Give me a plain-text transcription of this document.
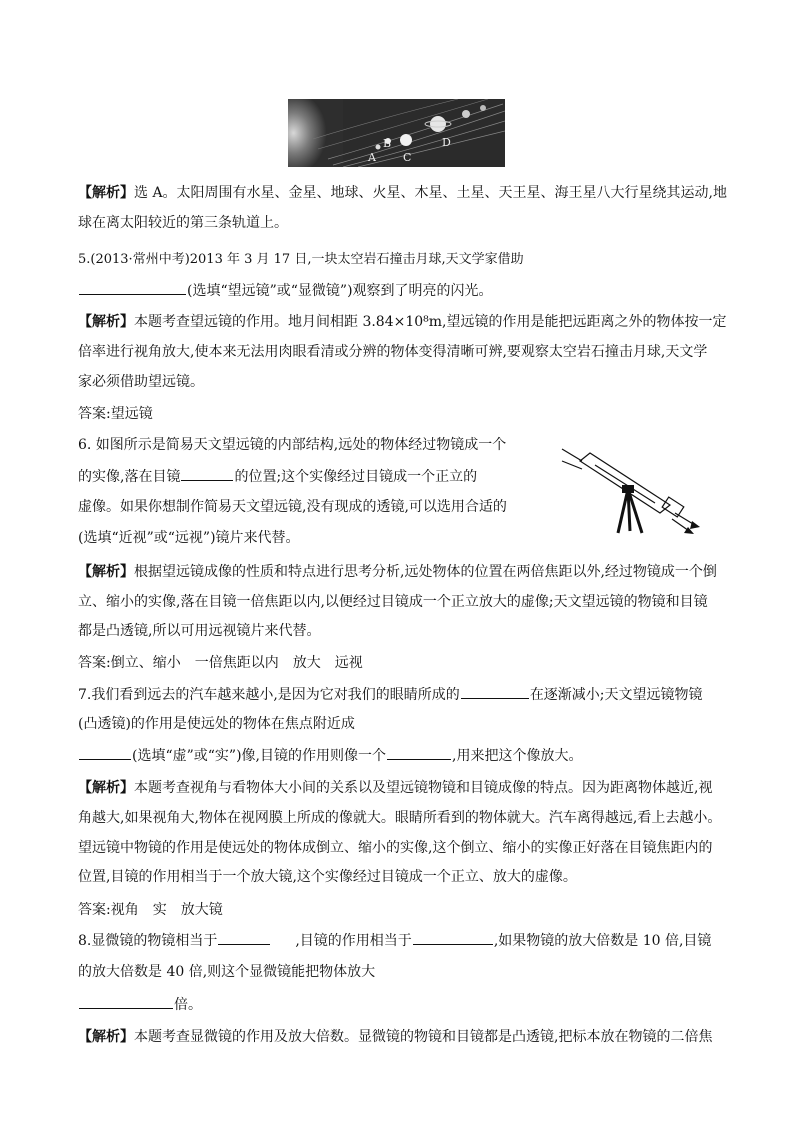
A
B
C
D
【解析】选 A。太阳周围有水星、金星、地球、火星、木星、土星、天王星、海王星八大行星绕其运动,地
球在离太阳较近的第三条轨道上。
5.(2013·常州中考)2013 年 3 月 17 日,一块太空岩石撞击月球,天文学家借助
(选填“望远镜”或“显微镜”)观察到了明亮的闪光。
【解析】本题考查望远镜的作用。地月间相距 3.84×10⁸m,望远镜的作用是能把远距离之外的物体按一定
倍率进行视角放大,使本来无法用肉眼看清或分辨的物体变得清晰可辨,要观察太空岩石撞击月球,天文学
家必须借助望远镜。
答案:望远镜
6. 如图所示是简易天文望远镜的内部结构,远处的物体经过物镜成一个
的实像,落在目镜	的位置;这个实像经过目镜成一个正立的
虚像。如果你想制作简易天文望远镜,没有现成的透镜,可以选用合适的
(选填“近视”或“远视”)镜片来代替。
【解析】根据望远镜成像的性质和特点进行思考分析,远处物体的位置在两倍焦距以外,经过物镜成一个倒
立、缩小的实像,落在目镜一倍焦距以内,以便经过目镜成一个正立放大的虚像;天文望远镜的物镜和目镜
都是凸透镜,所以可用远视镜片来代替。
答案:倒立、缩小　一倍焦距以内　放大　远视
7.我们看到远去的汽车越来越小,是因为它对我们的眼睛所成的	在逐渐减小;天文望远镜物镜
(凸透镜)的作用是使远处的物体在焦点附近成
(选填“虚”或“实”)像,目镜的作用则像一个	,用来把这个像放大。
【解析】本题考查视角与看物体大小间的关系以及望远镜物镜和目镜成像的特点。因为距离物体越近,视
角越大,如果视角大,物体在视网膜上所成的像就大。眼睛所看到的物体就大。汽车离得越远,看上去越小。
望远镜中物镜的作用是使远处的物体成倒立、缩小的实像,这个倒立、缩小的实像正好落在目镜焦距内的
位置,目镜的作用相当于一个放大镜,这个实像经过目镜成一个正立、放大的虚像。
答案:视角　实　放大镜
8.显微镜的物镜相当于	,目镜的作用相当于	,如果物镜的放大倍数是 10 倍,目镜
的放大倍数是 40 倍,则这个显微镜能把物体放大
倍。
【解析】本题考查显微镜的作用及放大倍数。显微镜的物镜和目镜都是凸透镜,把标本放在物镜的二倍焦
